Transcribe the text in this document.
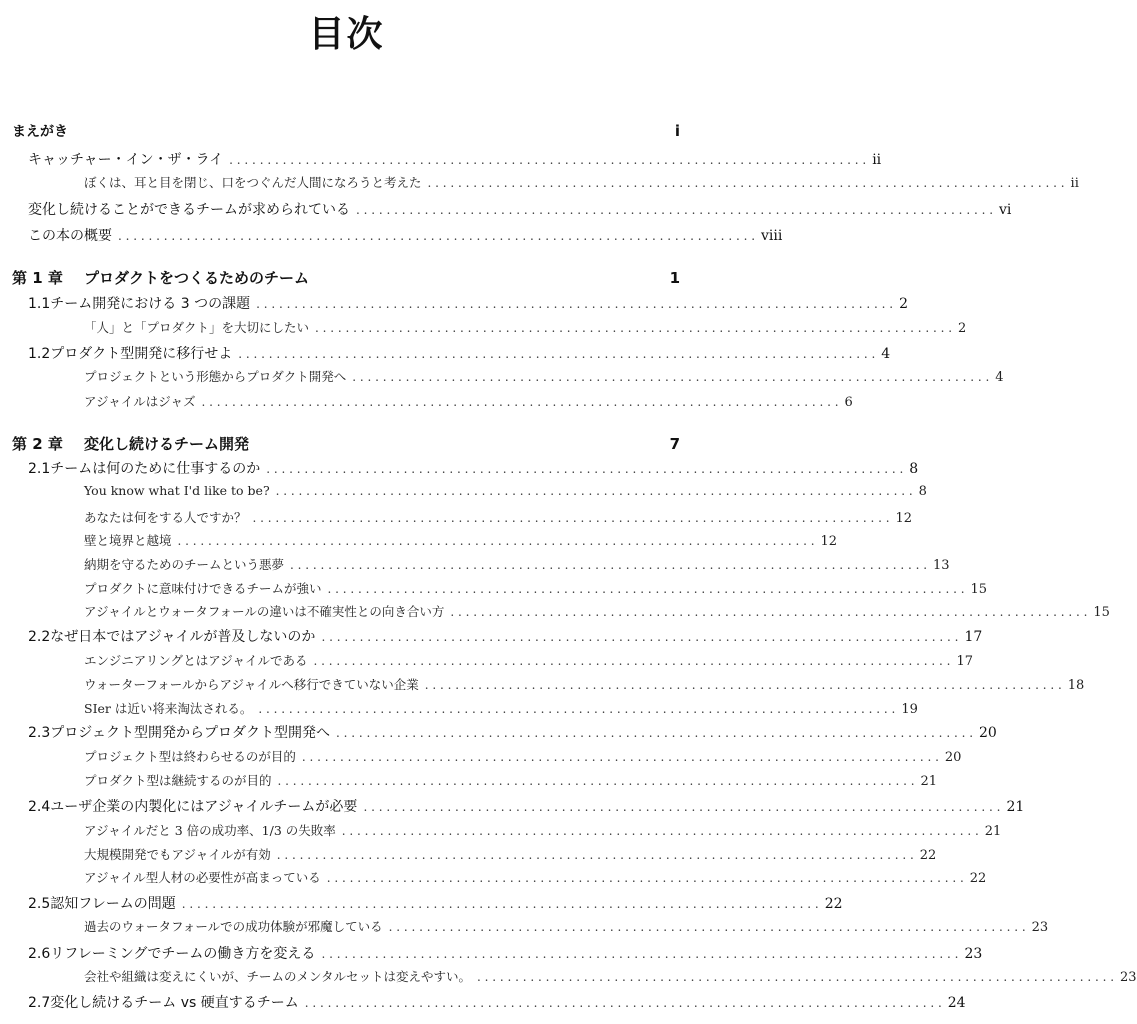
目次
まえがき	i
キャッチャー・イン・ザ・ライ . . .	ii
ぼくは、耳と目を閉じ、口をつぐんだ人間になろうと考えた . . .	ii
変化し続けることができるチームが求められている . . .	vi
この本の概要 . . .	viii
第 1 章	プロダクトをつくるためのチーム	1
1.1 チーム開発における 3 つの課題 . . .	2
「人」と「プロダクト」を大切にしたい . . .	2
1.2 プロダクト型開発に移行せよ . . .	4
プロジェクトという形態からプロダクト開発へ . . .	4
アジャイルはジャズ . . .	6
第 2 章	変化し続けるチーム開発	7
2.1 チームは何のために仕事するのか . . .	8
You know what I'd like to be? . . .	8
あなたは何をする人ですか？ . . .	12
壁と境界と越境 . . .	12
納期を守るためのチームという悪夢 . . .	13
プロダクトに意味付けできるチームが強い . . .	15
アジャイルとウォータフォールの違いは不確実性との向き合い方 . . .	15
2.2 なぜ日本ではアジャイルが普及しないのか . . .	17
エンジニアリングとはアジャイルである . . .	17
ウォーターフォールからアジャイルへ移行できていない企業 . . .	18
SIer は近い将来淘汰される。 . . .	19
2.3 プロジェクト型開発からプロダクト型開発へ . . .	20
プロジェクト型は終わらせるのが目的 . . .	20
プロダクト型は継続するのが目的 . . .	21
2.4 ユーザ企業の内製化にはアジャイルチームが必要 . . .	21
アジャイルだと 3 倍の成功率、1/3 の失敗率 . . .	21
大規模開発でもアジャイルが有効 . . .	22
アジャイル型人材の必要性が高まっている . . .	22
2.5 認知フレームの問題 . . .	22
過去のウォータフォールでの成功体験が邪魔している . . .	23
2.6 リフレーミングでチームの働き方を変える . . .	23
会社や組織は変えにくいが、チームのメンタルセットは変えやすい。 . . .	23
2.7 変化し続けるチーム vs 硬直するチーム . . .	24
